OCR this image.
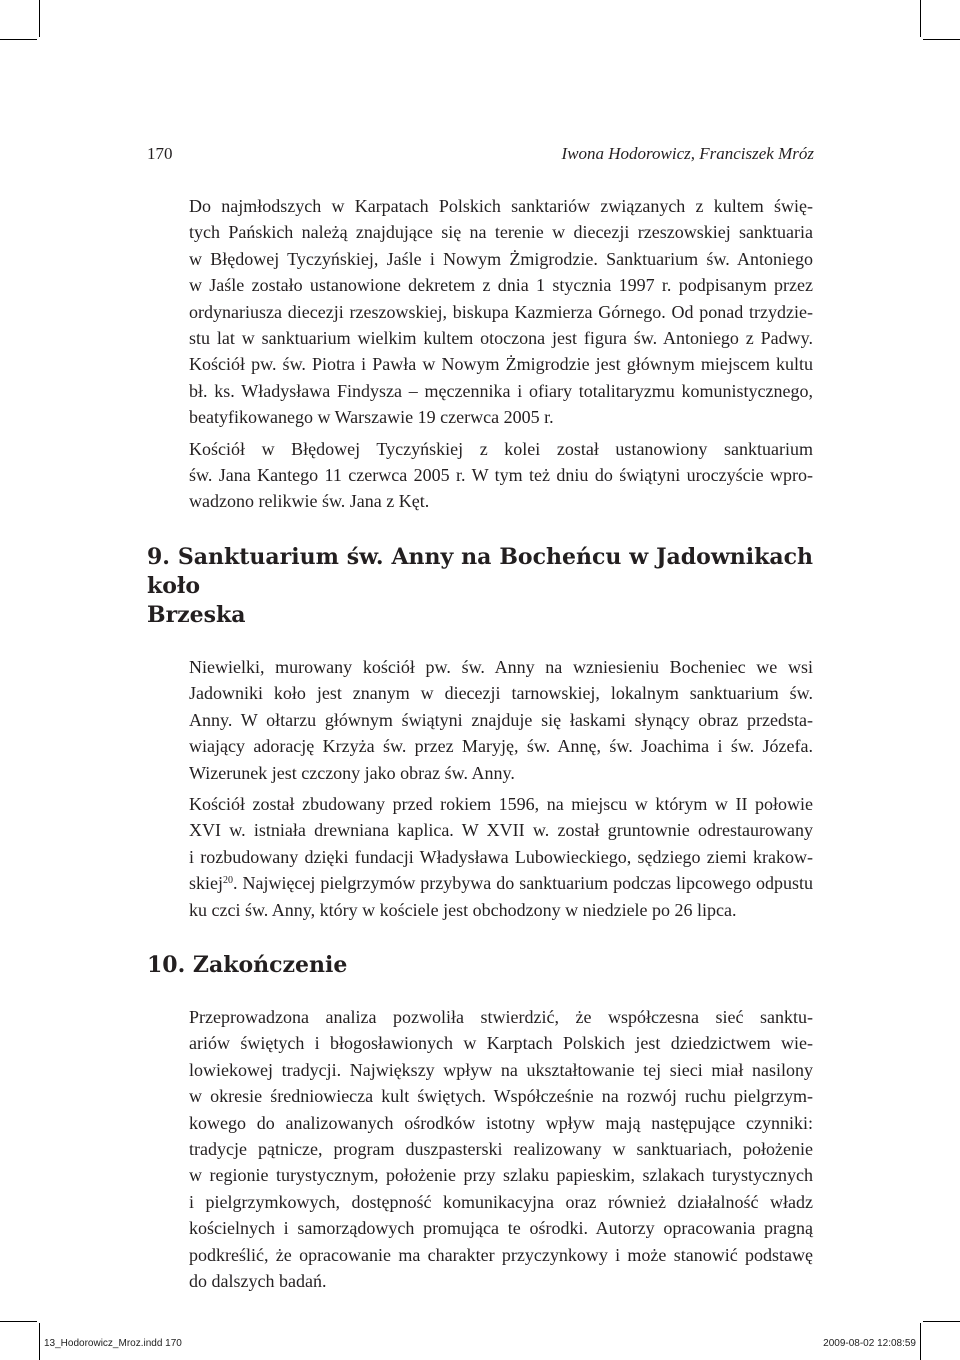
170	Iwona Hodorowicz, Franciszek Mróz

Do najmłodszych w Karpatach Polskich sanktariów związanych z kultem świę-
tych Pańskich należą znajdujące się na terenie w diecezji rzeszowskiej sanktuaria
w Błędowej Tyczyńskiej, Jaśle i Nowym Żmigrodzie. Sanktuarium św. Antoniego
w Jaśle zostało ustanowione dekretem z dnia 1 stycznia 1997 r. podpisanym przez
ordynariusza diecezji rzeszowskiej, biskupa Kazmierza Górnego. Od ponad trzydzie-
stu lat w sanktuarium wielkim kultem otoczona jest figura św. Antoniego z Padwy.
Kościół pw. św. Piotra i Pawła w Nowym Żmigrodzie jest głównym miejscem kultu
bł. ks. Władysława Findysza – męczennika i ofiary totalitaryzmu komunistycznego,
beatyfikowanego w Warszawie 19 czerwca 2005 r.

Kościół w Błędowej Tyczyńskiej z kolei został ustanowiony sanktuarium
św. Jana Kantego 11 czerwca 2005 r. W tym też dniu do świątyni uroczyście wpro-
wadzono relikwie św. Jana z Kęt.

9. Sanktuarium św. Anny na Bocheńcu w Jadownikach koło
Brzeska

Niewielki, murowany kościół pw. św. Anny na wzniesieniu Bocheniec we wsi
Jadowniki koło jest znanym w diecezji tarnowskiej, lokalnym sanktuarium św.
Anny. W ołtarzu głównym świątyni znajduje się łaskami słynący obraz przedsta-
wiający adorację Krzyża św. przez Maryję, św. Annę, św. Joachima i św. Józefa.
Wizerunek jest czczony jako obraz św. Anny.

Kościół został zbudowany przed rokiem 1596, na miejscu w którym w II połowie
XVI w. istniała drewniana kaplica. W XVII w. został gruntownie odrestaurowany
i rozbudowany dzięki fundacji Władysława Lubowieckiego, sędziego ziemi krakow-
skiej$^{20}$. Najwięcej pielgrzymów przybywa do sanktuarium podczas lipcowego odpustu
ku czci św. Anny, który w kościele jest obchodzony w niedziele po 26 lipca.

10. Zakończenie

Przeprowadzona analiza pozwoliła stwierdzić, że współczesna sieć sanktu-
ariów świętych i błogosławionych w Karptach Polskich jest dziedzictwem wie-
lowiekowej tradycji. Największy wpływ na ukształtowanie tej sieci miał nasilony
w okresie średniowiecza kult świętych. Współcześnie na rozwój ruchu pielgrzym-
kowego do analizowanych ośrodków istotny wpływ mają następujące czynniki:
tradycje pątnicze, program duszpasterski realizowany w sanktuariach, położenie
w regionie turystycznym, położenie przy szlaku papieskim, szlakach turystycznych
i pielgrzymkowych, dostępność komunikacyjna oraz również działalność władz
kościelnych i samorządowych promująca te ośrodki. Autorzy opracowania pragną
podkreślić, że opracowanie ma charakter przyczynkowy i może stanowić podstawę
do dalszych badań.

13_Hodorowicz_Mroz.indd 170	2009-08-02 12:08:59
